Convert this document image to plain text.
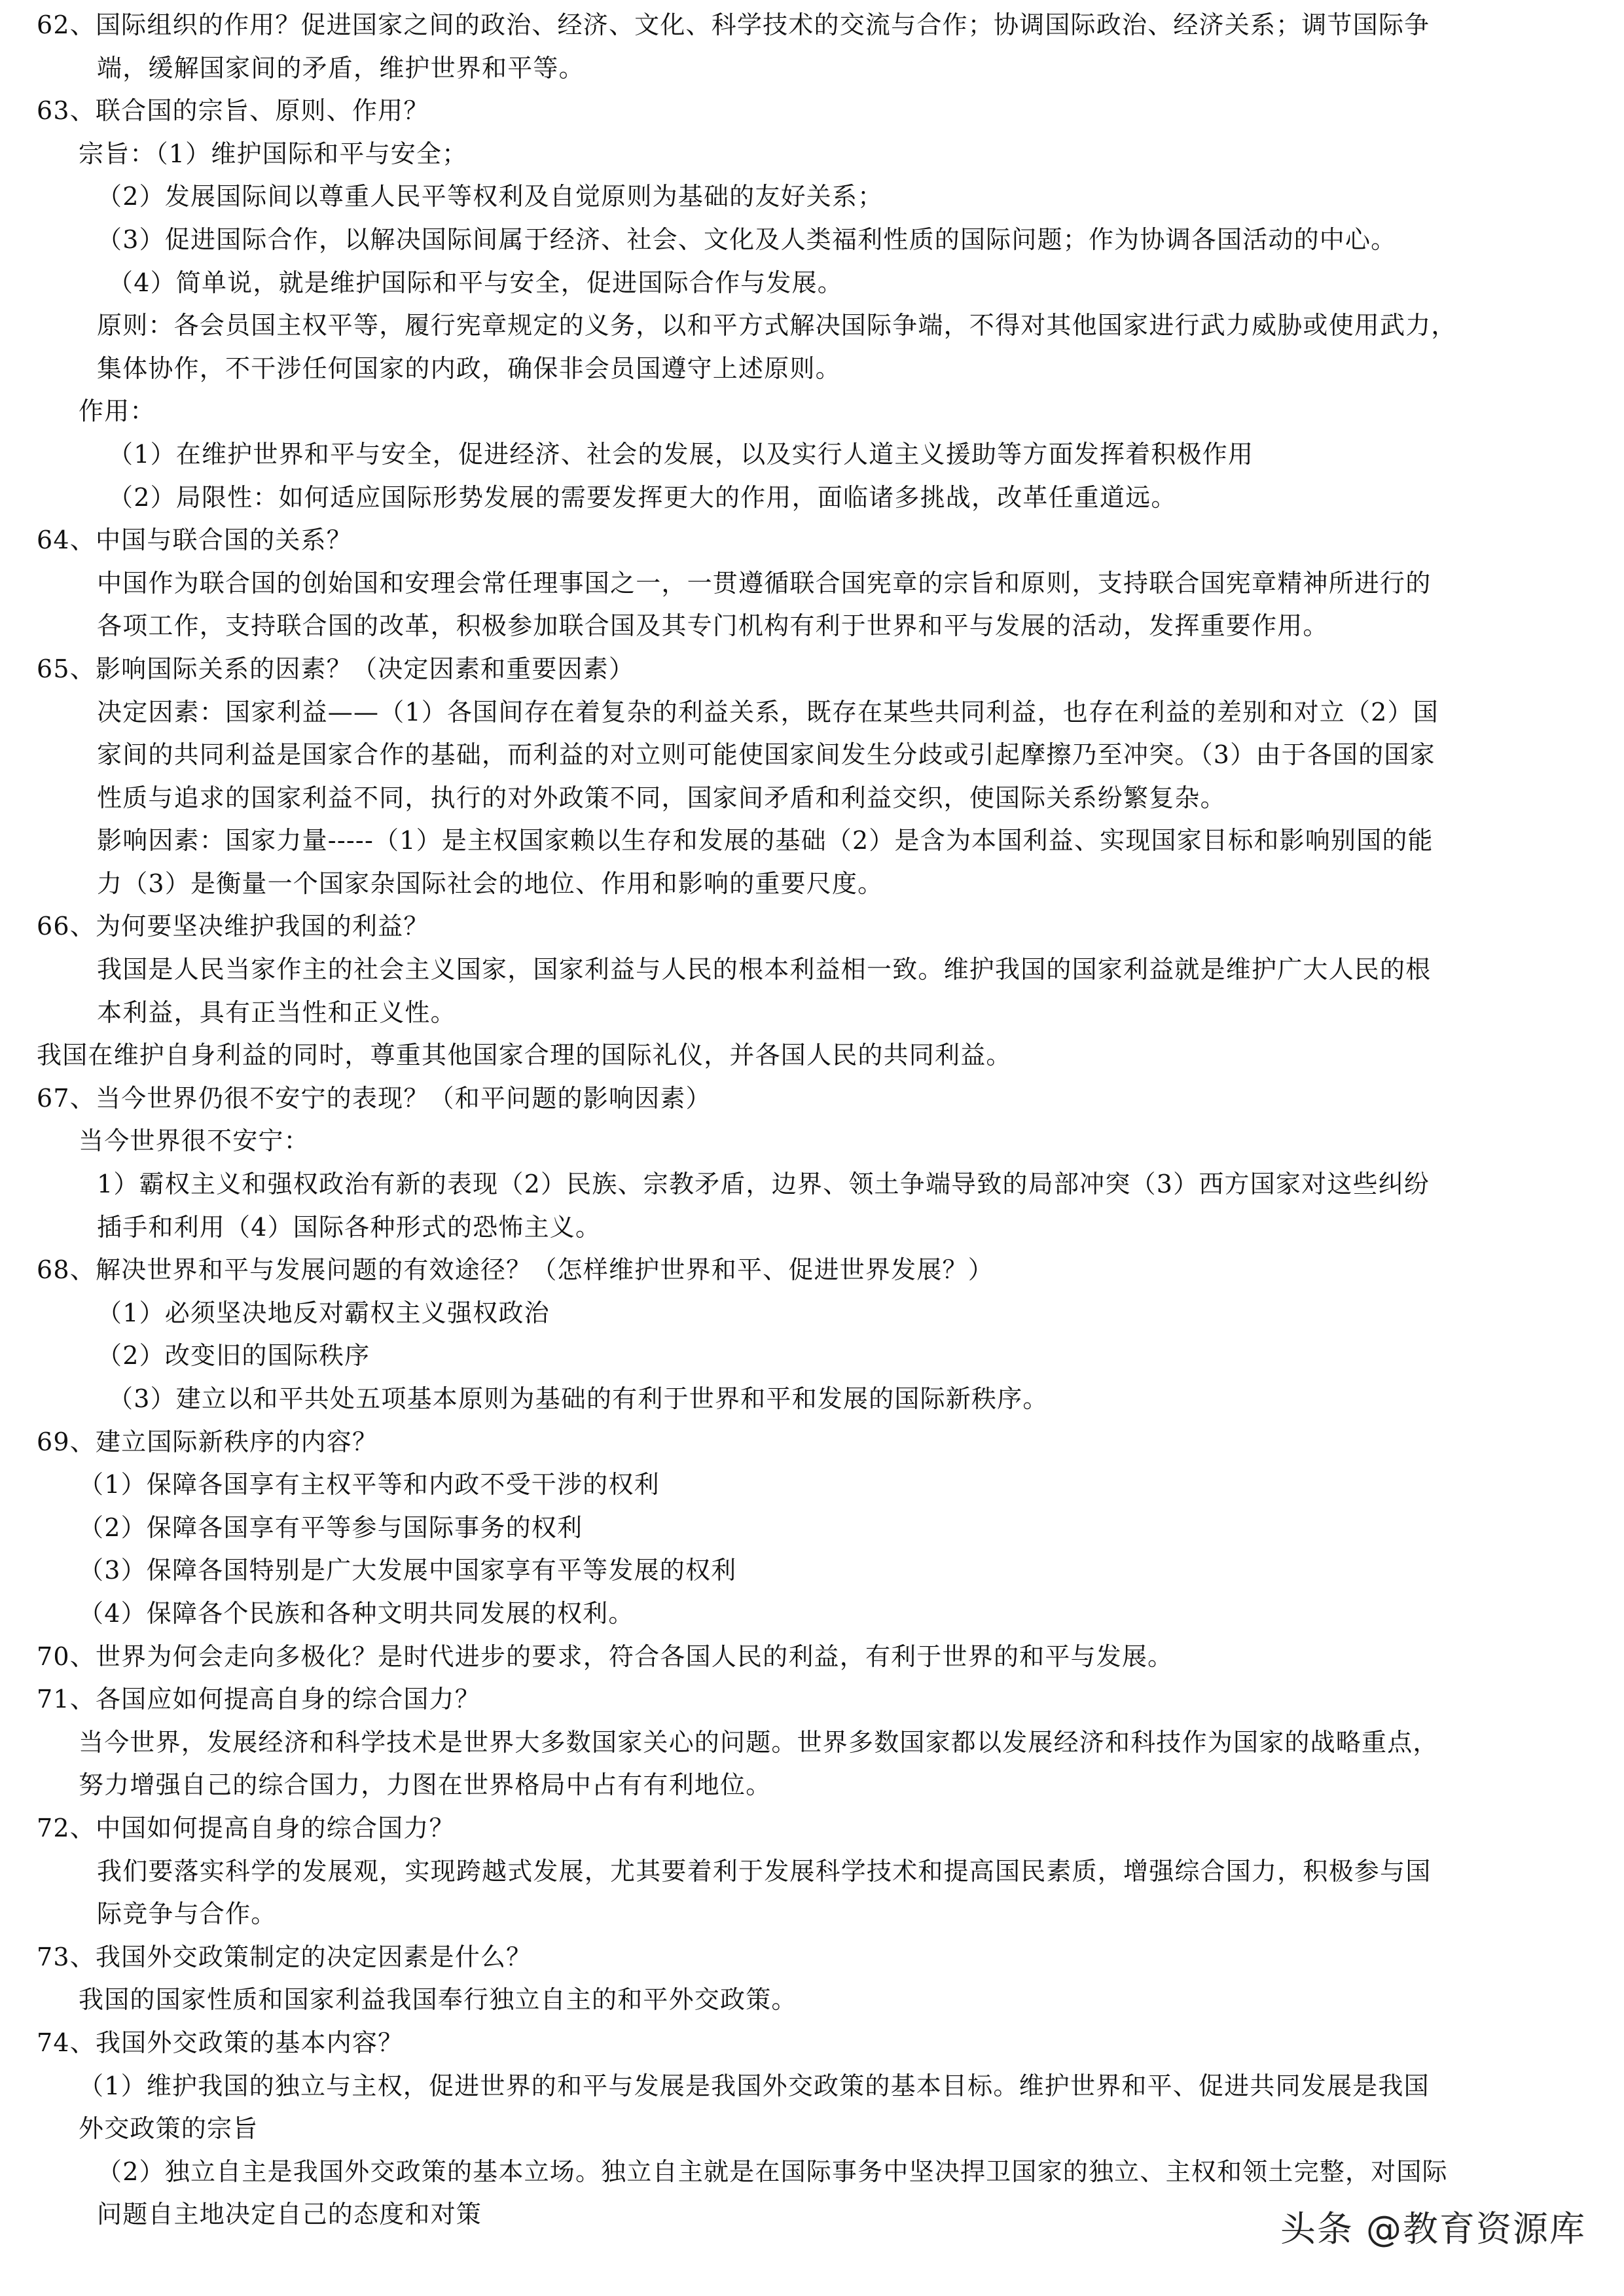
62、国际组织的作用？促进国家之间的政治、经济、文化、科学技术的交流与合作；协调国际政治、经济关系；调节国际争
端，缓解国家间的矛盾，维护世界和平等。
63、联合国的宗旨、原则、作用？
宗旨：（1）维护国际和平与安全；
（2）发展国际间以尊重人民平等权利及自觉原则为基础的友好关系；
（3）促进国际合作，以解决国际间属于经济、社会、文化及人类福利性质的国际问题；作为协调各国活动的中心。
（4）简单说，就是维护国际和平与安全，促进国际合作与发展。
原则：各会员国主权平等，履行宪章规定的义务，以和平方式解决国际争端，不得对其他国家进行武力威胁或使用武力，
集体协作，不干涉任何国家的内政，确保非会员国遵守上述原则。
作用：
（1）在维护世界和平与安全，促进经济、社会的发展，以及实行人道主义援助等方面发挥着积极作用
（2）局限性：如何适应国际形势发展的需要发挥更大的作用，面临诸多挑战，改革任重道远。
64、中国与联合国的关系？
中国作为联合国的创始国和安理会常任理事国之一，一贯遵循联合国宪章的宗旨和原则，支持联合国宪章精神所进行的
各项工作，支持联合国的改革，积极参加联合国及其专门机构有利于世界和平与发展的活动，发挥重要作用。
65、影响国际关系的因素？（决定因素和重要因素）
决定因素：国家利益——（1）各国间存在着复杂的利益关系，既存在某些共同利益，也存在利益的差别和对立（2）国
家间的共同利益是国家合作的基础，而利益的对立则可能使国家间发生分歧或引起摩擦乃至冲突。（3）由于各国的国家
性质与追求的国家利益不同，执行的对外政策不同，国家间矛盾和利益交织，使国际关系纷繁复杂。
影响因素：国家力量-----（1）是主权国家赖以生存和发展的基础（2）是含为本国利益、实现国家目标和影响别国的能
力（3）是衡量一个国家杂国际社会的地位、作用和影响的重要尺度。
66、为何要坚决维护我国的利益？
我国是人民当家作主的社会主义国家，国家利益与人民的根本利益相一致。维护我国的国家利益就是维护广大人民的根
本利益，具有正当性和正义性。
我国在维护自身利益的同时，尊重其他国家合理的国际礼仪，并各国人民的共同利益。
67、当今世界仍很不安宁的表现？（和平问题的影响因素）
当今世界很不安宁：
1）霸权主义和强权政治有新的表现（2）民族、宗教矛盾，边界、领土争端导致的局部冲突（3）西方国家对这些纠纷
插手和利用（4）国际各种形式的恐怖主义。
68、解决世界和平与发展问题的有效途径？（怎样维护世界和平、促进世界发展？）
（1）必须坚决地反对霸权主义强权政治
（2）改变旧的国际秩序
（3）建立以和平共处五项基本原则为基础的有利于世界和平和发展的国际新秩序。
69、建立国际新秩序的内容？
（1）保障各国享有主权平等和内政不受干涉的权利
（2）保障各国享有平等参与国际事务的权利
（3）保障各国特别是广大发展中国家享有平等发展的权利
（4）保障各个民族和各种文明共同发展的权利。
70、世界为何会走向多极化？是时代进步的要求，符合各国人民的利益，有利于世界的和平与发展。
71、各国应如何提高自身的综合国力？
当今世界，发展经济和科学技术是世界大多数国家关心的问题。世界多数国家都以发展经济和科技作为国家的战略重点，
努力增强自己的综合国力，力图在世界格局中占有有利地位。
72、中国如何提高自身的综合国力？
我们要落实科学的发展观，实现跨越式发展，尤其要着利于发展科学技术和提高国民素质，增强综合国力，积极参与国
际竞争与合作。
73、我国外交政策制定的决定因素是什么？
我国的国家性质和国家利益我国奉行独立自主的和平外交政策。
74、我国外交政策的基本内容？
（1）维护我国的独立与主权，促进世界的和平与发展是我国外交政策的基本目标。维护世界和平、促进共同发展是我国
外交政策的宗旨
（2）独立自主是我国外交政策的基本立场。独立自主就是在国际事务中坚决捍卫国家的独立、主权和领土完整，对国际
问题自主地决定自己的态度和对策	头条 @教育资源库
